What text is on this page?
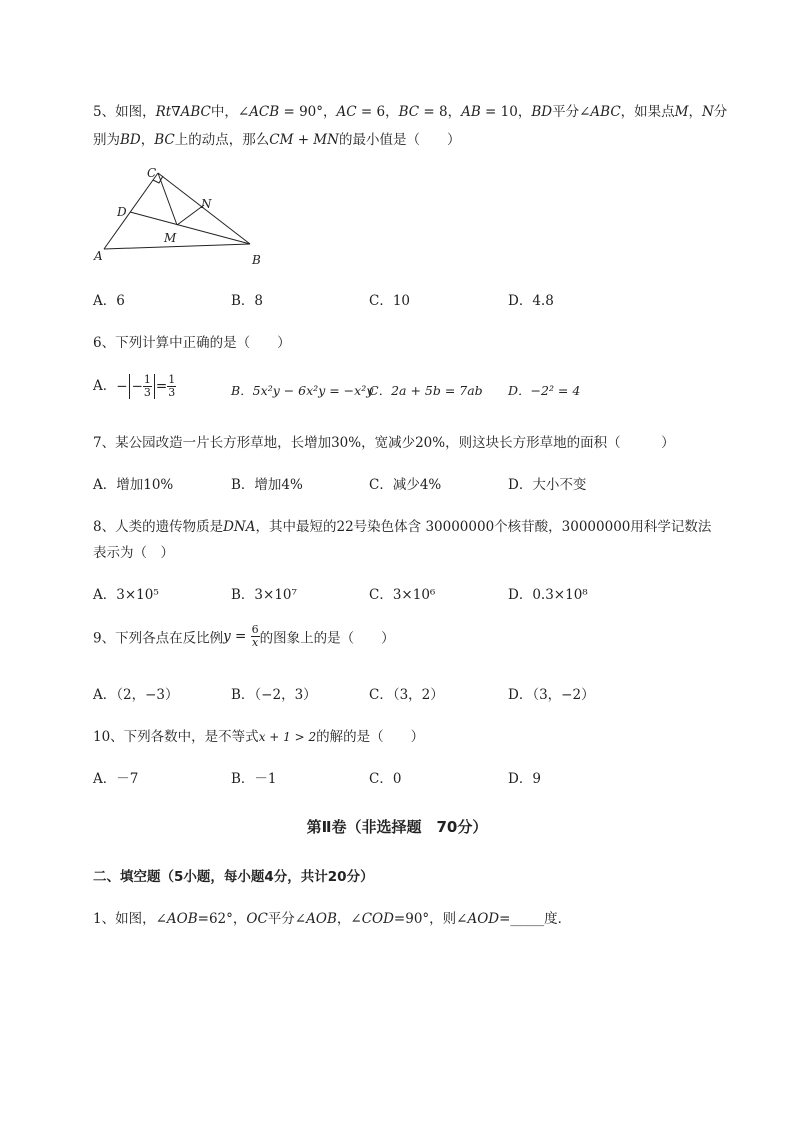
5、如图，Rt∇ABC中，∠ACB = 90°，AC = 6，BC = 8，AB = 10，BD平分∠ABC，如果点M，N分
别为BD，BC上的动点，那么CM + MN的最小值是（　　）
C
D
N
M
A	B
A．6	B．8	C．10	D．4.8
6、下列计算中正确的是（　　）
A．− − $\frac{1}{3} = \frac{1}{3}$	B．5x²y − 6x²y = −x²y
C．2a + 5b = 7ab D．−2² = 4
7、某公园改造一片长方形草地，长增加30%，宽减少20%，则这块长方形草地的面积（　　　）
A．增加10%	B．增加4%	C．减少4%	D．大小不变
8、人类的遗传物质是DNA，其中最短的22号染色体含 30000000个核苷酸，30000000用科学记数法
表示为（　）
A．3×10⁵	B．3×10⁷	C．3×10⁶	D．0.3×10⁸
9、下列各点在反比例$y = \frac{6}{x}$ 的图象上的是（　　）
A．（2，−3）	B．（−2，3）	C．（3，2）	D．（3，−2）
10、下列各数中，是不等式x + 1 > 2的解的是（　　）
A．－7	B．－1	C．0	D．9
第Ⅱ卷（非选择题　70分）
二、填空题（5小题，每小题4分，共计20分）
1、如图，∠AOB=62°，OC平分∠AOB，∠COD=90°，则∠AOD=_____度．
